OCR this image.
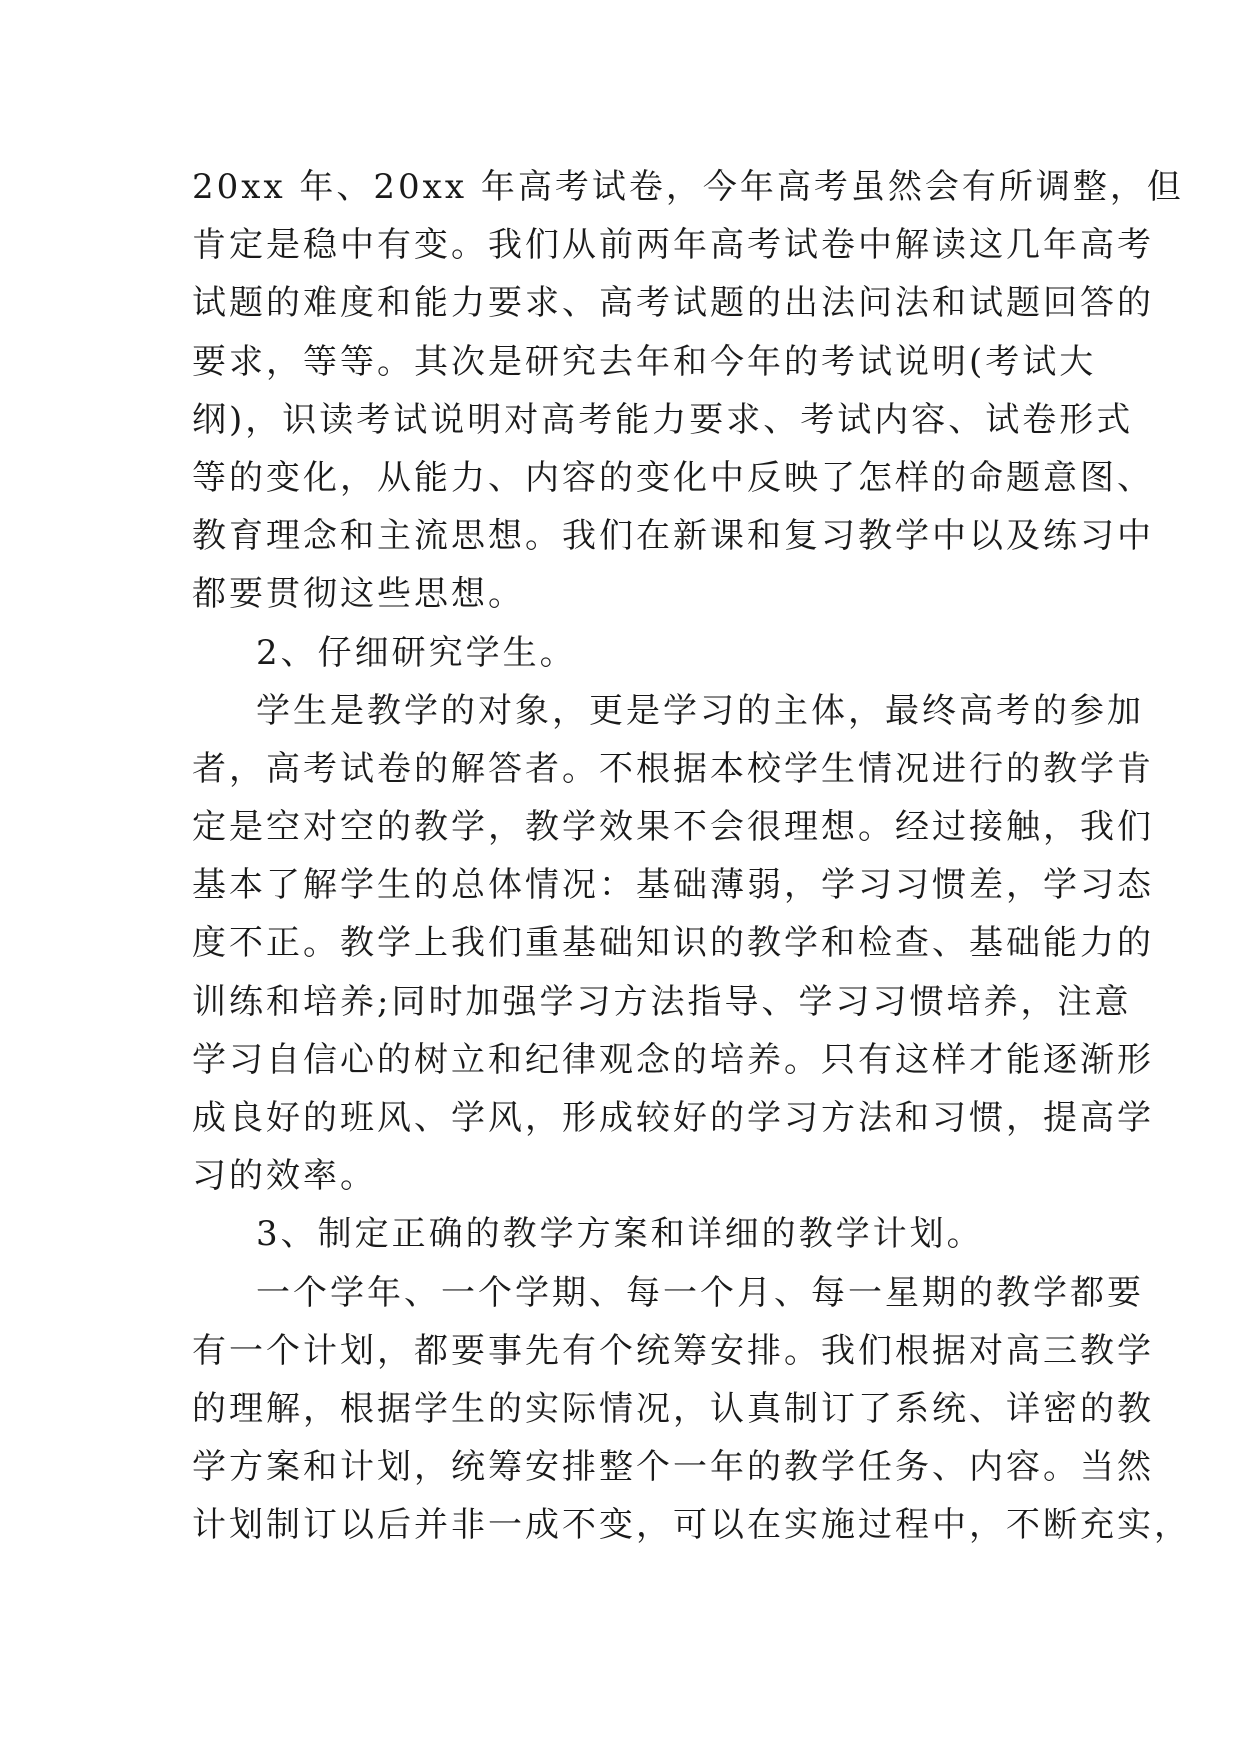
20xx 年、20xx 年高考试卷，今年高考虽然会有所调整，但
肯定是稳中有变。我们从前两年高考试卷中解读这几年高考
试题的难度和能力要求、高考试题的出法问法和试题回答的
要求，等等。其次是研究去年和今年的考试说明(考试大
纲)，识读考试说明对高考能力要求、考试内容、试卷形式
等的变化，从能力、内容的变化中反映了怎样的命题意图、
教育理念和主流思想。我们在新课和复习教学中以及练习中
都要贯彻这些思想。
2、仔细研究学生。
学生是教学的对象，更是学习的主体，最终高考的参加
者，高考试卷的解答者。不根据本校学生情况进行的教学肯
定是空对空的教学，教学效果不会很理想。经过接触，我们
基本了解学生的总体情况：基础薄弱，学习习惯差，学习态
度不正。教学上我们重基础知识的教学和检查、基础能力的
训练和培养;同时加强学习方法指导、学习习惯培养，注意
学习自信心的树立和纪律观念的培养。只有这样才能逐渐形
成良好的班风、学风，形成较好的学习方法和习惯，提高学
习的效率。
3、制定正确的教学方案和详细的教学计划。
一个学年、一个学期、每一个月、每一星期的教学都要
有一个计划，都要事先有个统筹安排。我们根据对高三教学
的理解，根据学生的实际情况，认真制订了系统、详密的教
学方案和计划，统筹安排整个一年的教学任务、内容。当然
计划制订以后并非一成不变，可以在实施过程中，不断充实，
